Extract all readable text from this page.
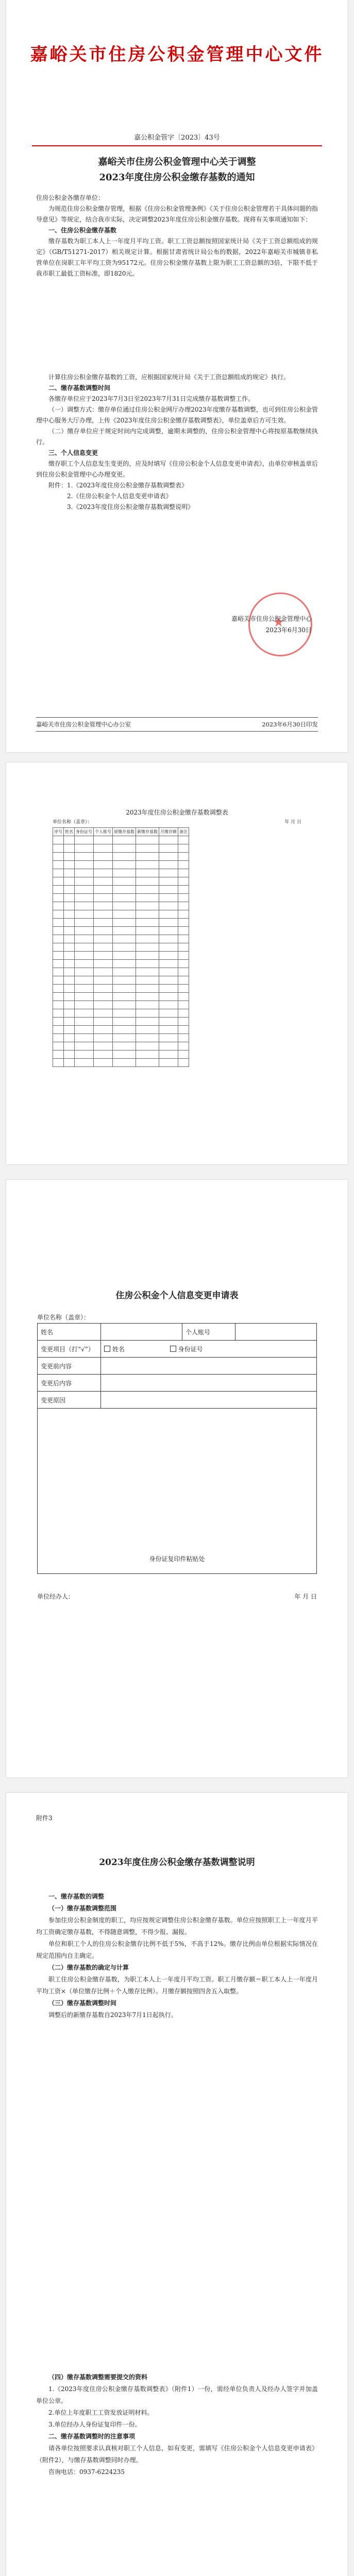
嘉峪关市住房公积金管理中心文件
嘉公积金管字〔2023〕43号
嘉峪关市住房公积金管理中心关于调整
2023年度住房公积金缴存基数的通知

住房公积金各缴存单位：

为规范住房公积金缴存管理，根据《住房公积金管理条例》《关于住房公积金管理若干具体问题的指导意见》等规定，结合我市实际，决定调整2023年度住房公积金缴存基数。现将有关事项通知如下：

一、住房公积金缴存基数

缴存基数为职工本人上一年度月平均工资。职工工资总额按照国家统计局《关于工资总额组成的规定》（GB/T51271-2017）相关规定计算。根据甘肃省统计局公布的数据，2022年嘉峪关市城镇非私营单位在岗职工年平均工资为95172元。住房公积金缴存基数上限为职工工资总额的3倍，下限不低于我市职工最低工资标准，即1820元。

计算住房公积金缴存基数的工资，应根据国家统计局《关于工资总额组成的规定》执行。

二、缴存基数调整时间

各缴存单位应于2023年7月3日至2023年7月31日完成缴存基数调整工作。

（一）调整方式：缴存单位通过住房公积金网厅办理2023年度缴存基数调整，也可到住房公积金管理中心服务大厅办理，上传《2023年度住房公积金缴存基数调整表》，单位盖章后方可生效。

（二）缴存单位应于规定时间内完成调整，逾期未调整的，住房公积金管理中心将按原基数继续执行。

三、个人信息变更

缴存职工个人信息发生变更的，应及时填写《住房公积金个人信息变更申请表》，由单位审核盖章后到住房公积金管理中心办理变更。

附件：1.《2023年度住房公积金缴存基数调整表》

2.《住房公积金个人信息变更申请表》

3.《2023年度住房公积金缴存基数调整说明》

★
嘉峪关市住房公积金管理中心
2023年6月30日
嘉峪关市住房公积金管理中心办公室	2023年6月30日印发
2023年度住房公积金缴存基数调整表
单位名称（盖章）：	年 月 日
序号	姓名	身份证号	个人账号	原缴存基数	新缴存基数	月缴存额	备注

住房公积金个人信息变更申请表
单位名称（盖章）：
姓名		个人账号	
变更项目（打“√”）	姓名 身份证号		
变更前内容			
变更后内容			
变更原因			
身份证复印件粘贴处			
单位经办人：	年 月 日
附件3
2023年度住房公积金缴存基数调整说明

一、缴存基数的调整

（一）缴存基数调整范围

参加住房公积金制度的职工，均应按规定调整住房公积金缴存基数。单位应按照职工上一年度月平均工资确定缴存基数，不得随意调整，不得少报、漏报。

单位和职工个人的住房公积金缴存比例不低于5%，不高于12%。缴存比例由单位根据实际情况在规定范围内自主确定。

（二）缴存基数的确定与计算

职工住房公积金缴存基数，为职工本人上一年度月平均工资。职工月缴存额＝职工本人上一年度月平均工资×（单位缴存比例＋个人缴存比例）。月缴存额按照四舍五入取整。

（三）缴存基数调整时间

调整后的新缴存基数自2023年7月1日起执行。

（四）缴存基数调整需要提交的资料

1.《2023年度住房公积金缴存基数调整表》（附件1）一份，需经单位负责人及经办人签字并加盖单位公章。

2.单位上年度职工工资发放证明材料。

3.单位经办人身份证复印件一份。

二、缴存基数调整时的注意事项

请各单位按照要求认真核对职工个人信息，如有变更，需填写《住房公积金个人信息变更申请表》（附件2），与缴存基数调整同时办理。

咨询电话：0937-6224235
